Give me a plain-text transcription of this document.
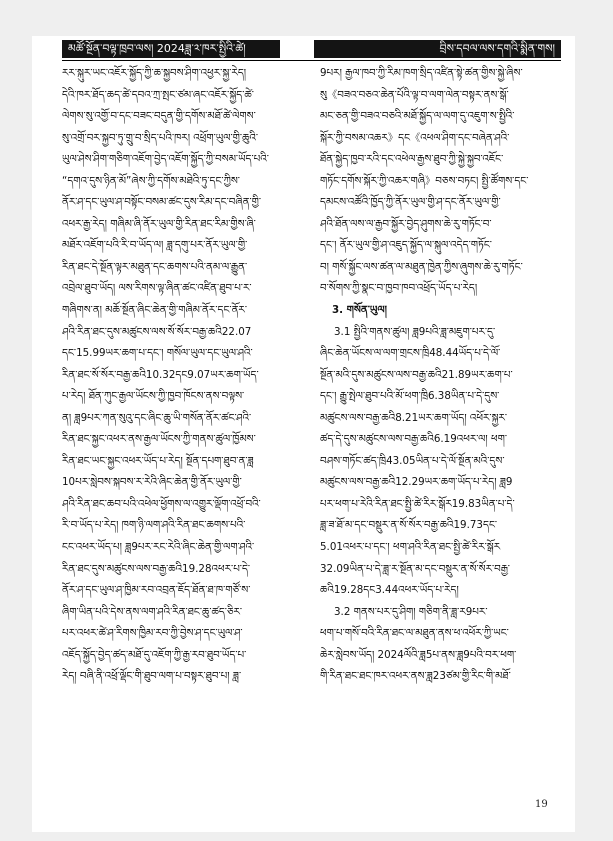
མཚོ་སྔོན་བལྟ་ཁྲབ་ལས། 2024ཟླ་༢་ཁར་སྤྱིའི་ཚེ།	བྲིས་དབལ་ལས་དགའི་སྨིན་གས།
རར་སྐུར་ཡང་འཇོར་སྐྱོད་ཀྱི་ཆ་སྐྱབས་ཤིག་འཕྱར་སྐྱ་རེད།
དེའི་ཁར་ཐོད་ཆད་ཚེ་དབའ་ཀྲ་སྤང་ཙམ་ཞང་འཇོར་སྐྱོད་ཚེ་
ལེགས་སུ་འགྱོ་བ་དང་བཟང་བདུན་གྱི་དགོས་མཐོ་ཚེ་ལེགས་
སུ་འགྲོ་བར་སྐྱབ་ཏུ་གྲུ་བ་སྲིད་པའི་ཁར། འཕྲོག་ཡུལ་གྱི་ཆུའི་
ཡུལ་ཤེས་ཤིག་གཅིག་འཇོག་བྱེད་འཇོག་སྐྱོད་ཀྱི་བསམ་ཡོད་པའི་
“དགའ་དུས་ཉིན་མོ”ཞེས་ཀྱི་དགོས་མཐེའི་ཏུ་དང་ཀྱིས་
ནོར་ཤ་དང་ཡུལ་ཤ་བསྟོང་བསམ་ཚང་དུས་རིམ་དང་བཞིན་གྱི་
འཕར་རྒྱ་རེད། གཞིམ་ཞི་ནོར་ཡུལ་གྱི་རིན་ཐང་རིམ་གྱིས་ཞི་
མཐོར་འཇོག་པའི་རི་བ་ཡོད་ལ། ཟླ་དགུ་པར་ནོར་ཡུལ་གྱི་
རིན་ཐང་དེ་སྔོན་ལྟར་མཐུན་དང་ཆགས་པའི་ནམ་ལ་རྒྱུན་
འབྲེལ་ཐུབ་ཡོད། ལས་རིགས་ལྟ་ཞིན་ཚང་འཛིན་ཐུབ་པ་ར་
གཞིགས་ན། མཆོ་སྔོན་ཞིང་ཆེན་གྱི་གཞིམ་ནོར་དང་ནོར་
ཤའི་རིན་ཐང་དུས་མཚུངས་ལས་སོ་སོར་བརྒྱ་ཆའི22.07
དང་15.99ཡར་ཆག་པ་དང་། གསོལ་ཡུལ་དང་ཡུལ་ཤའི་
རིན་ཐང་སོ་སོར་བརྒྱ་ཆའི10.32དང9.07ཡར་ཆག་ཡོད་
པ་རེད། ཐོན་ཀུང་རྒྱལ་ཡོངས་ཀྱི་ཁྱབ་ཁོངས་ནས་བལྟས་
ན། ཟླ9པར་ཀན་སུའུ་དང་ཞིང་ཆུ་ཡི་གསོན་ནོར་ཚང་ཤའི་
རིན་ཐང་སྐྱང་འཕར་ནས་རྒྱལ་ཡོངས་ཀྱི་གནས་ཚུལ་ཁྱོམས་
རིན་ཐང་ཡང་སྐྱང་འཕར་ཡོད་པ་རེད། སྔོན་དཔག་ཐུབ་ན་ཟླ
10པར་སླེབས་སྐབས་ར་རེའི་ཞིང་ཆེན་གྱི་ནོར་ཡུལ་གྱི་
ཤའི་རིན་ཐང་ཆབ་པའི་འཕེལ་ཕྱོགས་ལ་འགྱུར་ལྡོག་འཕྲོ་བའི་
རི་བ་ཡོད་པ་རེད། ཁག་ཉི་ལག་ཤའི་རིན་ཐང་ཆགས་པའི་
ངང་འཕར་ཡོད་པ། ཟླ9པར་རང་རེའི་ཞིང་ཆེན་གྱི་ལག་ཤའི་
རིན་ཐང་དུས་མཚུངས་ལས་བརྒྱ་ཆའི19.28འཕར་པ་དེ་
ནོར་ཤ་དང་ཡུལ་ཤ་ཁྱིམ་རབ་འབྲན་ཇོད་ཐོན་ཐ་ཁ་གཙོ་ས་
ཞིག་ཡིན་པའི་དེས་ནས་ལག་ཤའི་རིན་ཐང་ཆུ་ཚད་ཅིར་
པར་འཕར་ཚེ་ཤ་རིགས་ཁྱིམ་རབ་ཀྱི་བྱེས་ཤ་དང་ཡུལ་ཤ་
འཇོད་སྐྱོད་བྱེད་ཚད་མཐོ་དུ་འཇོག་ཀྱི་རྒྱ་རབ་ཐུབ་ཡོད་པ་
རེད། བཞི་ནི་འཕྲོ་ལྡོང་གི་ཐུབ་ལག་པ་བསྟར་ཐུབ་པ། ཟླ་
9པར། རྒྱལ་ཁབ་ཀྱི་རིམ་ཁག་སྲིད་འཛིན་སྟེ་ཚན་གྱིས་སྐྱེ་ཞིས་
སུ《བཟའ་བཅའ་ཆེན་པོའི་ལྟ་བ་ལག་ལེན་བསྟར་ནས་སྒོ་
མང་ཅན་གྱི་བཟའ་བཅའི་མཐོ་སྐྱོད་ལ་ལག་དུ་འཇུག་ས་སྤྱིའི་
སྐོར་ཀྱི་བསམ་འཆར》དང《འཕལ་ཤིག་དང་བཞེན་ཤའི་
ཐོན་སྐྱེད་ཁྱབ་རའི་དང་འཕེལ་རྒྱས་ཐུབ་ཀྱི་སྐྱེ་སྐྱབ་འཇོང་
གཏོང་དགོས་སྐོར་ཀྱི་འཆར་གཞི》བཅས་བཏང། སྤྱི་ཚོགས་དང་
དམངས་འཚོའི་ཁྱོད་ཀྱི་ནོར་ཡུལ་གྱི་ཤ་དང་ནོར་ཡུལ་གྱི་
ཤའི་ཐོན་ལས་ལ་རྒྱབ་སྐྱོར་བྱེད་ཤུགས་ཆེ་རུ་གཏོང་བ་
དང་། ནོར་ཡུལ་གྱི་ཤ་འཇུད་སྐྱོད་ལ་སྐུལ་འདེད་གཏོང་
བ། གསོ་སྐྱོང་ལས་ཚན་ལ་མཐུན་ཁྱེན་ཀྱིས་ཞུགས་ཆེ་རུ་གཏོང་
བ་སོགས་ཀྱི་སྣང་བ་ཁྱབ་ཁབ་འཕྲོད་ཡོད་པ་རེད།
3. གསོན་ཡུལ།
3.1 སྤྱིའི་གནས་ཚུལ། ཟླ9པའི་ཟླ་མཇུག་པར་དུ་
ཞིང་ཆེན་ཡོངས་ལ་ལག་གྲངས་ཁྲི48.44ཡོད་པ་དེ་ལོ་
སྔོན་མའི་དུས་མཚུངས་ལས་བརྒྱ་ཆའི21.89ཡར་ཆག་པ་
དང་། རྒྱུ་སྤེལ་ཐུབ་པའི་མོ་ཕག་ཁྲི6.38ཡིན་པ་དེ་དུས་
མཚུངས་ལས་བརྒྱ་ཆའི8.21ཡར་ཆག་ཡོད། འཕོར་སྐྱར་
ཚད་དེ་དུས་མཚུངས་ལས་བརྒྱ་ཆའི6.19འཕར་ལ། ཕག་
བཤས་གཏོང་ཚད་ཁྲི43.05ཡིན་པ་དེ་ལོ་སྔོན་མའི་དུས་
མཚུངས་ལས་བརྒྱ་ཆའི12.29ཡར་ཆག་ཡོད་པ་རེད། ཟླ9
པར་ཕག་པ་རེའི་རིན་ཐང་སྤྱི་ཚེ་རིར་སྒོར19.83ཡིན་པ་དེ་
ཟླ་ཟ་ཐོ་མ་དང་བསྡུར་ན་སོ་སོར་བརྒྱ་ཆའི19.73དང་
5.01འཕར་པ་དང་། ཕག་ཤའི་རིན་ཐང་སྤྱི་ཚེ་རིར་སྒོར
32.09ཡིན་པ་དེ་ཟླ་ར་སྔོན་མ་དང་བསྡུར་ན་སོ་སོར་བརྒྱ་
ཆའི19.28དང3.44འཕར་ཡོད་པ་རེད།
3.2 གནས་པར་དུ་ཤིག། གཅིག་ནི་ཟླ་ར9པར་
ཕག་པ་གསོ་བའི་རིན་ཐང་ལ་མཐུན་ནས་ཕ་འཕོར་ཀྱི་ཡང་
ཆེར་སླེབས་ཡོད། 2024ལོའི་ཟླ5པ་ནས་ཟླ9པའི་བར་ཕག་
གི་རིན་ཐང་ཐང་ཁར་འཕར་ནས་ཟླ23ཙམ་གྱི་རིང་གི་མཐོ་
19
